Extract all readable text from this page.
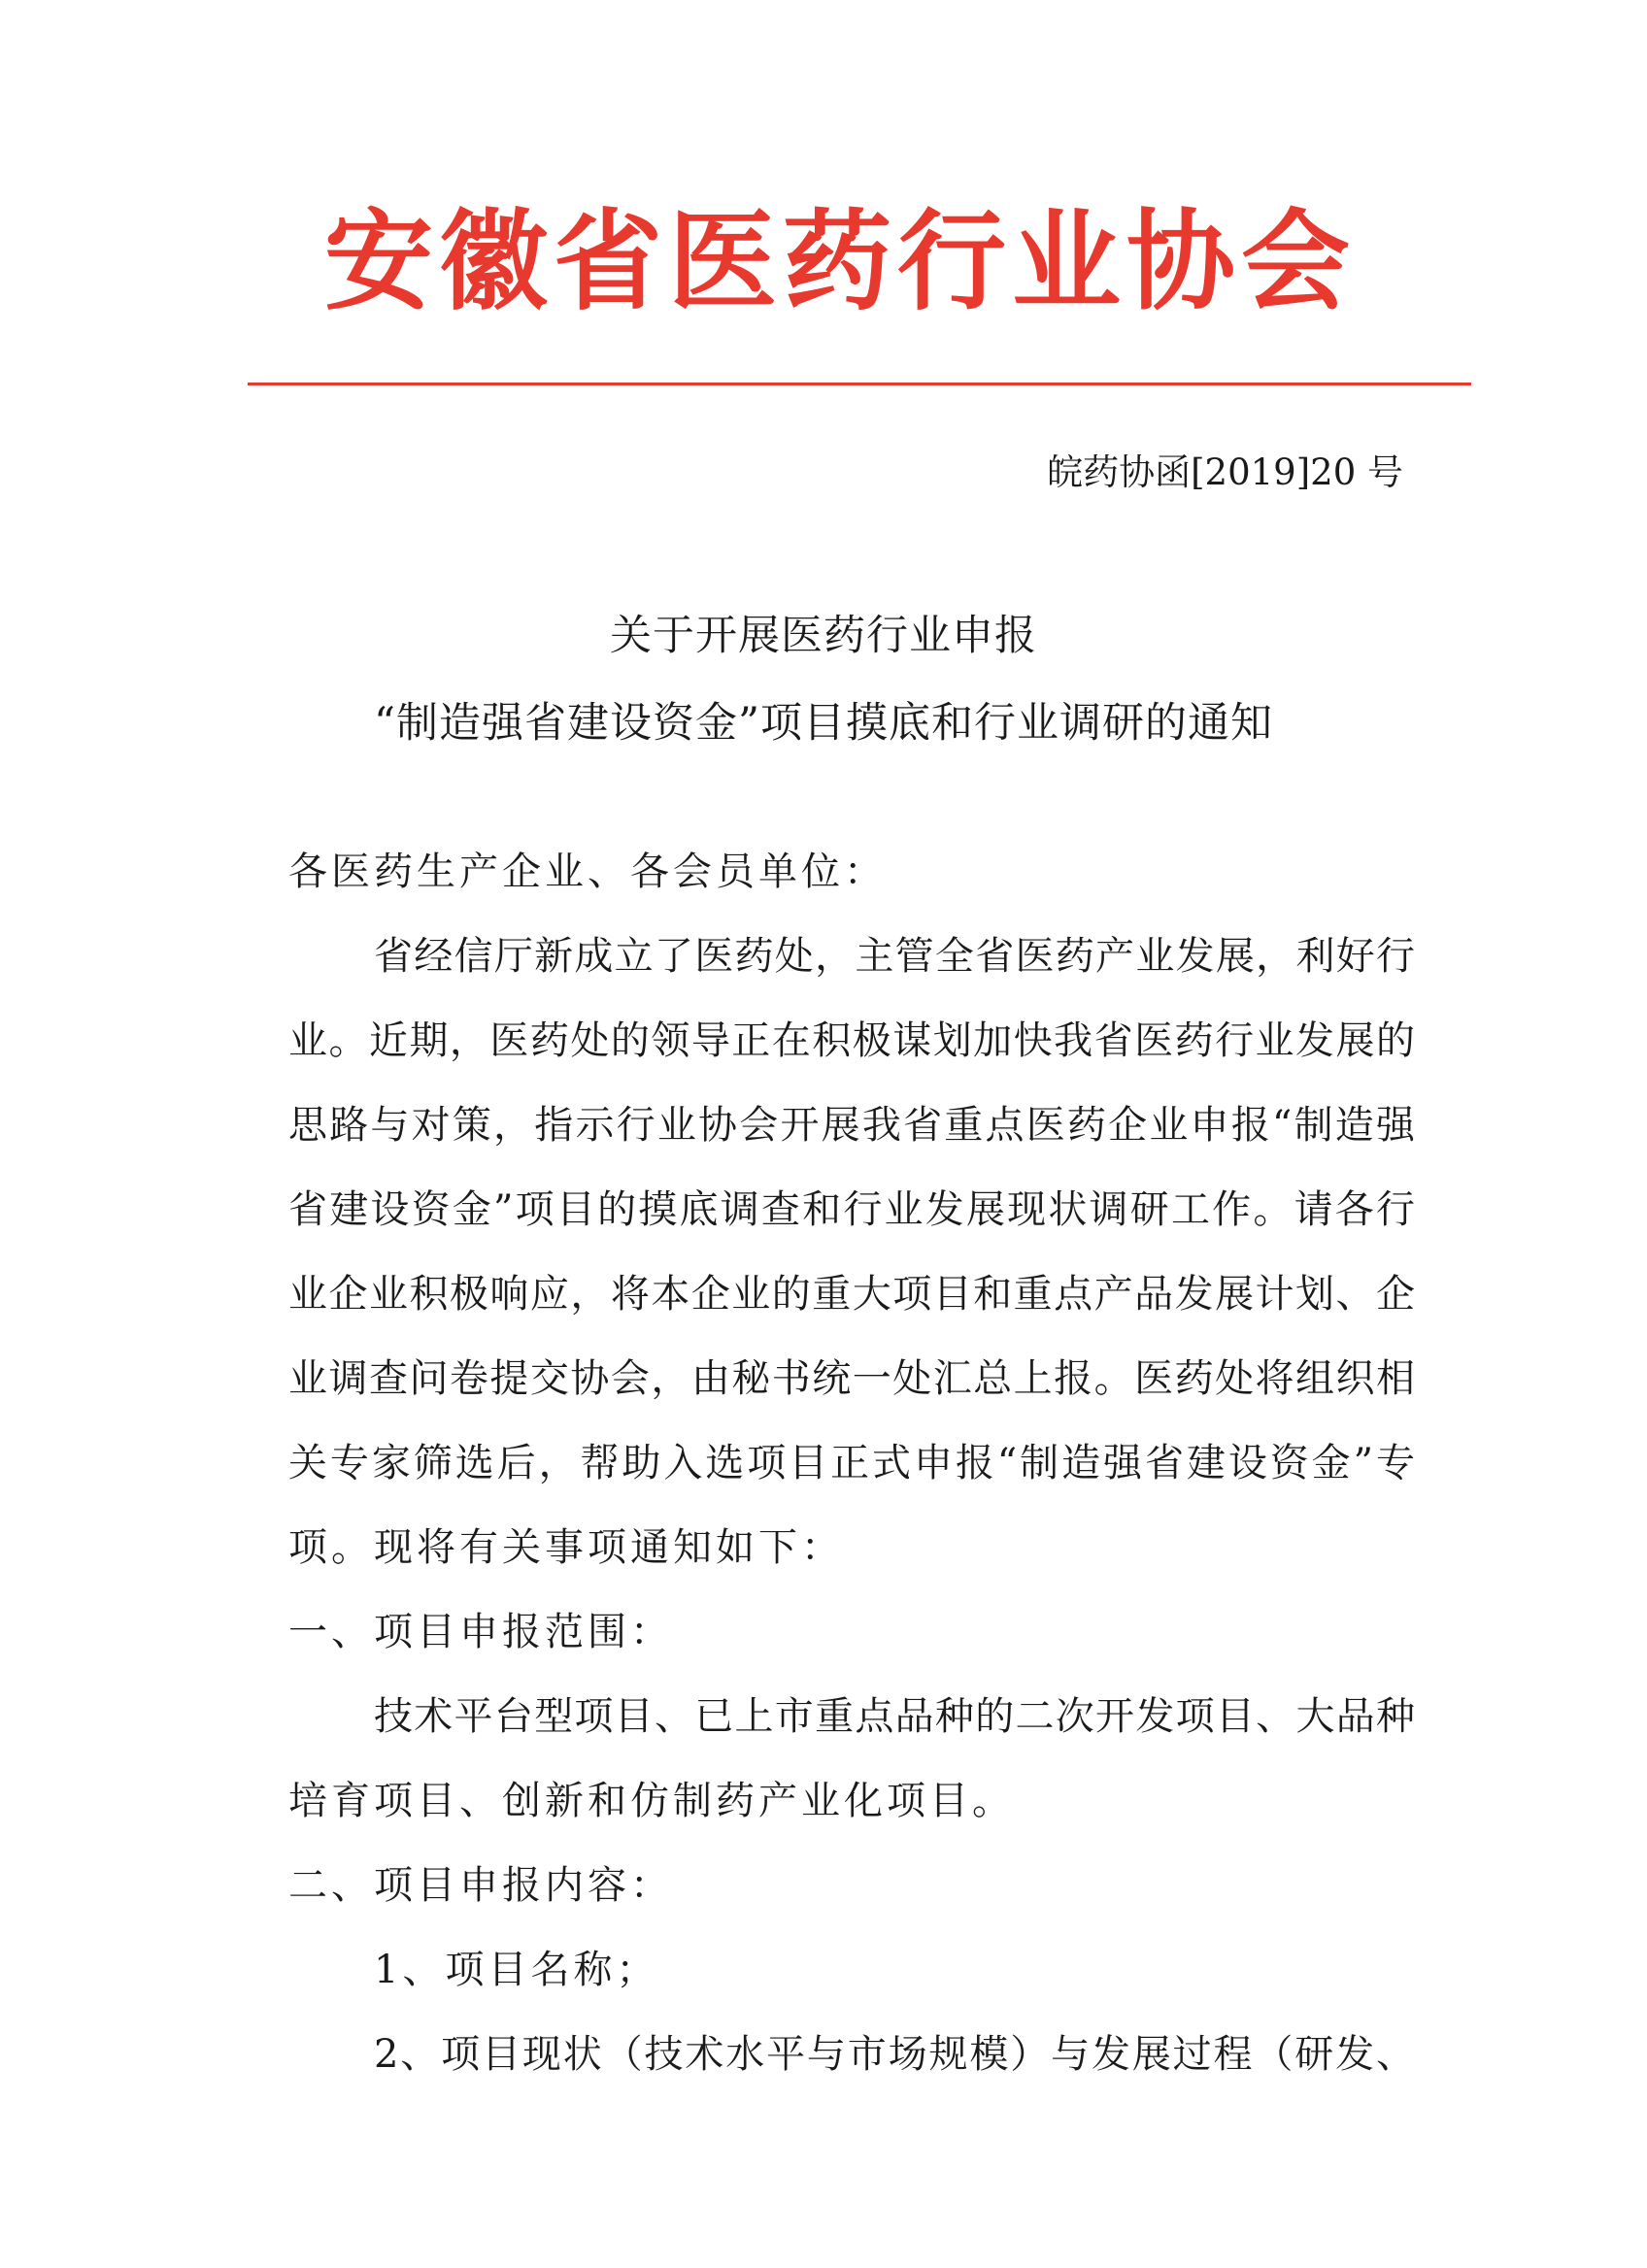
安徽省医药行业协会
皖药协函[2019]20 号
关于开展医药行业申报
“制造强省建设资金”项目摸底和行业调研的通知
各医药生产企业、各会员单位：
省经信厅新成立了医药处，主管全省医药产业发展，利好行
业。近期，医药处的领导正在积极谋划加快我省医药行业发展的
思路与对策，指示行业协会开展我省重点医药企业申报“制造强
省建设资金”项目的摸底调查和行业发展现状调研工作。请各行
业企业积极响应，将本企业的重大项目和重点产品发展计划、企
业调查问卷提交协会，由秘书统一处汇总上报。医药处将组织相
关专家筛选后，帮助入选项目正式申报“制造强省建设资金”专
项。现将有关事项通知如下：
一、项目申报范围：
技术平台型项目、已上市重点品种的二次开发项目、大品种
培育项目、创新和仿制药产业化项目。
二、项目申报内容：
1、项目名称；
2、项目现状（技术水平与市场规模）与发展过程（研发、
